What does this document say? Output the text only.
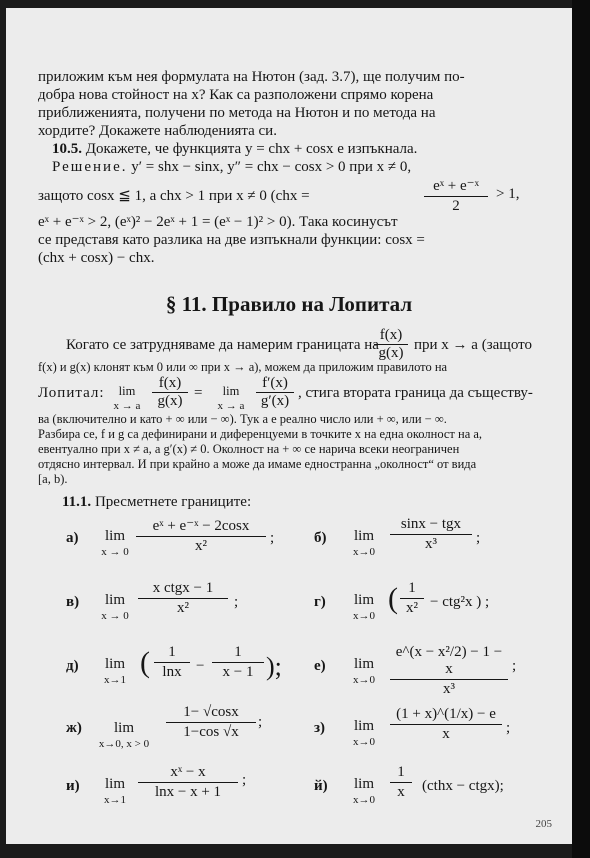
приложим към нея формулата на Нютон (зад. 3.7), ще получим по-
добра нова стойност на x? Как са разположени спрямо корена
приближенията, получени по метода на Нютон и по метода на
хордите? Докажете наблюденията си.
10.5. Докажете, че функцията y = chx + cosx е изпъкнала.
Решение. y′ = shx − sinx, y″ = chx − cosx > 0 при x ≠ 0,
защото cosx ≦ 1, а chx > 1 при x ≠ 0 (chx =	$\frac{\text{eˣ + e⁻ˣ}}{2} > 1$,
eˣ + e⁻ˣ > 2, (eˣ)² − 2eˣ + 1 = (eˣ − 1)² > 0). Така косинусът
се представя като разлика на две изпъкнали функции: cosx =
(chx + cosx) − chx.
§ 11. Правило на Лопитал
Когато се затрудняваме да намерим границата на
$\frac{f(x)}{g(x)}$ при x → a (защото
f(x) и g(x) клонят към 0 или ∞ при x → a), можем да приложим правилото на
Лопитал:	lim
x → a $\frac{f(x)}{g(x)}$ =	lim
x → a $\frac{f'(x)}{g'(x)}$ , стига втората граница да съществу-
ва (включително и като + ∞ или − ∞). Тук a е реално число или + ∞, или − ∞.
Разбира се, f и g са дефинирани и диференцуеми в точките x на една околност на a,
евентуално при x ≠ a, а g′(x) ≠ 0. Околност на + ∞ се нарича всеки неограничен
отдясно интервал. И при крайно a може да имаме едностранна „околност“ от вида
[a, b).
11.1. Пресметнете границите:
а)	lim
$x \to 0 \frac{\text{eˣ + e⁻ˣ − 2cosx}}{\text{x²}}$ ;
в)	lim
x → 0
x ctgx − 1
x²	;
д)	lim
x→1
( $\frac{1}{\ln x} - \frac{1}{x - 1}$ );
ж)	lim
x→0, x > 0
$\frac{1- √\cos x}{1-\cos √x}$ ;
и)	lim
$x\to 1 \frac{\text{xˣ − x}}{\ln x - x + 1}$ ;
б)	lim
x→0
sinx − tgx
x³	;
г)	lim
x→0
( $\frac{1}{\text{x²}} - ctg^2x$ ) ;
е)	lim
x→0	$\frac{\text{e\textasciicircum{}(x − x²/2) − 1 − x}}{\text{x³}}$ ;
з)	lim
x→0	$\frac{(1 + x)\^{}(1/x) - e}{x}$ ;
й)	lim
x→0	$\frac{1}{x}$ (cthx − ctgx);
205
